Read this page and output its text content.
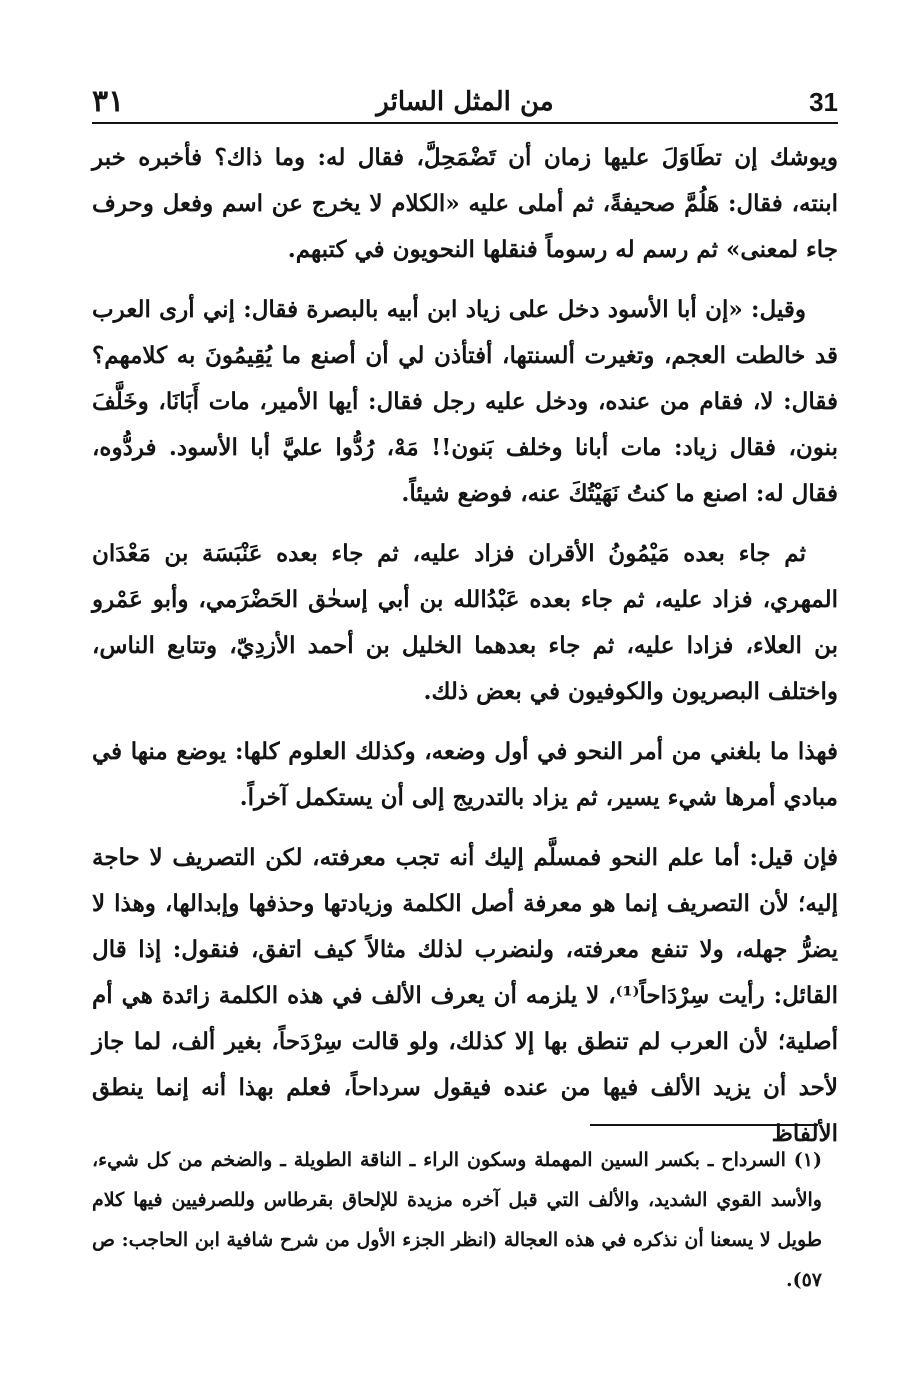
٣١	من المثل السائر	31

ويوشك إن تطَاوَلَ عليها زمان أن تَضْمَحِلَّ، فقال له: وما ذاك؟ فأخبره خبر ابنته، فقال: هَلُمَّ صحيفةً، ثم أملى عليه «الكلام لا يخرج عن اسم وفعل وحرف جاء لمعنى» ثم رسم له رسوماً فنقلها النحويون في كتبهم.

وقيل: «إن أبا الأسود دخل على زياد ابن أبيه بالبصرة فقال: إني أرى العرب قد خالطت العجم، وتغيرت ألسنتها، أفتأذن لي أن أصنع ما يُقِيمُونَ به كلامهم؟ فقال: لا، فقام من عنده، ودخل عليه رجل فقال: أيها الأمير، مات أَبَانَا، وخَلَّفَ بنون، فقال زياد: مات أبانا وخلف بَنون!! مَهْ، رُدُّوا عليَّ أبا الأسود. فردُّوه، فقال له: اصنع ما كنتُ نَهَيْتُكَ عنه، فوضع شيئاً.

ثم جاء بعده مَيْمُونُ الأقران فزاد عليه، ثم جاء بعده عَنْبَسَة بن مَعْدَان المهري، فزاد عليه، ثم جاء بعده عَبْدُالله بن أبي إسحٰق الحَضْرَمي، وأبو عَمْرو بن العلاء، فزادا عليه، ثم جاء بعدهما الخليل بن أحمد الأزدِيّ، وتتابع الناس، واختلف البصريون والكوفيون في بعض ذلك.

فهذا ما بلغني من أمر النحو في أول وضعه، وكذلك العلوم كلها: يوضع منها في مبادي أمرها شيء يسير، ثم يزاد بالتدريج إلى أن يستكمل آخراً.

فإن قيل: أما علم النحو فمسلَّم إليك أنه تجب معرفته، لكن التصريف لا حاجة إليه؛ لأن التصريف إنما هو معرفة أصل الكلمة وزيادتها وحذفها وإبدالها، وهذا لا يضرُّ جهله، ولا تنفع معرفته، ولنضرب لذلك مثالاً كيف اتفق، فنقول: إذا قال القائل: رأيت سِرْدَاحاً⁽¹⁾، لا يلزمه أن يعرف الألف في هذه الكلمة زائدة هي أم أصلية؛ لأن العرب لم تنطق بها إلا كذلك، ولو قالت سِرْدَحاً، بغير ألف، لما جاز لأحد أن يزيد الألف فيها من عنده فيقول سرداحاً، فعلم بهذا أنه إنما ينطق الألفاظ

(١) السرداح ـ بكسر السين المهملة وسكون الراء ـ الناقة الطويلة ـ والضخم من كل شيء، والأسد القوي الشديد، والألف التي قبل آخره مزيدة للإلحاق بقرطاس وللصرفيين فيها كلام طويل لا يسعنا أن نذكره في هذه العجالة (انظر الجزء الأول من شرح شافية ابن الحاجب: ص ٥٧).
